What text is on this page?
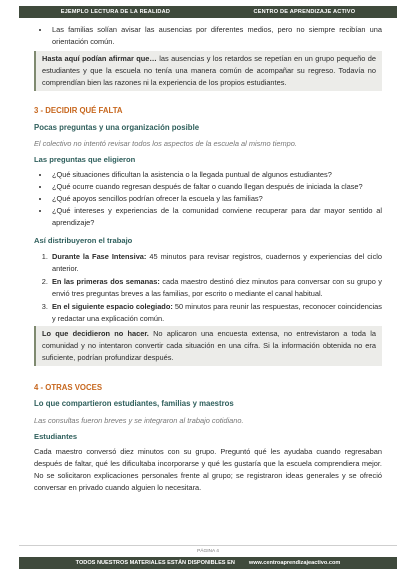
EJEMPLO LECTURA DE LA REALIDAD	CENTRO DE APRENDIZAJE ACTIVO
• Las familias solían avisar las ausencias por diferentes medios, pero no siempre recibían una orientación común.

Hasta aquí podían afirmar que… las ausencias y los retardos se repetían en un grupo pequeño de estudiantes y que la escuela no tenía una manera común de acompañar su regreso. Todavía no comprendían bien las razones ni la experiencia de los propios estudiantes.

3 - DECIDIR QUÉ FALTA
Pocas preguntas y una organización posible
El colectivo no intentó revisar todos los aspectos de la escuela al mismo tiempo.
Las preguntas que eligieron
• ¿Qué situaciones dificultan la asistencia o la llegada puntual de algunos estudiantes?
• ¿Qué ocurre cuando regresan después de faltar o cuando llegan después de iniciada la clase?
• ¿Qué apoyos sencillos podrían ofrecer la escuela y las familias?
• ¿Qué intereses y experiencias de la comunidad conviene recuperar para dar mayor sentido al aprendizaje?
Así distribuyeron el trabajo
1. Durante la Fase Intensiva: 45 minutos para revisar registros, cuadernos y experiencias del ciclo anterior.
2. En las primeras dos semanas: cada maestro destinó diez minutos para conversar con su grupo y envió tres preguntas breves a las familias, por escrito o mediante el canal habitual.
3. En el siguiente espacio colegiado: 50 minutos para reunir las respuestas, reconocer coincidencias y redactar una explicación común.

Lo que decidieron no hacer. No aplicaron una encuesta extensa, no entrevistaron a toda la comunidad y no intentaron convertir cada situación en una cifra. Si la información obtenida no era suficiente, podrían profundizar después.

4 - OTRAS VOCES
Lo que compartieron estudiantes, familias y maestros
Las consultas fueron breves y se integraron al trabajo cotidiano.
Estudiantes

Cada maestro conversó diez minutos con su grupo. Preguntó qué les ayudaba cuando regresaban después de faltar, qué les dificultaba incorporarse y qué les gustaría que la escuela comprendiera mejor. No se solicitaron explicaciones personales frente al grupo; se registraron ideas generales y se ofreció conversar en privado cuando alguien lo necesitara.

PÁGINA 4
TODOS NUESTROS MATERIALES ESTÁN DISPONIBLES EN	www.centroaprendizajeactivo.com
